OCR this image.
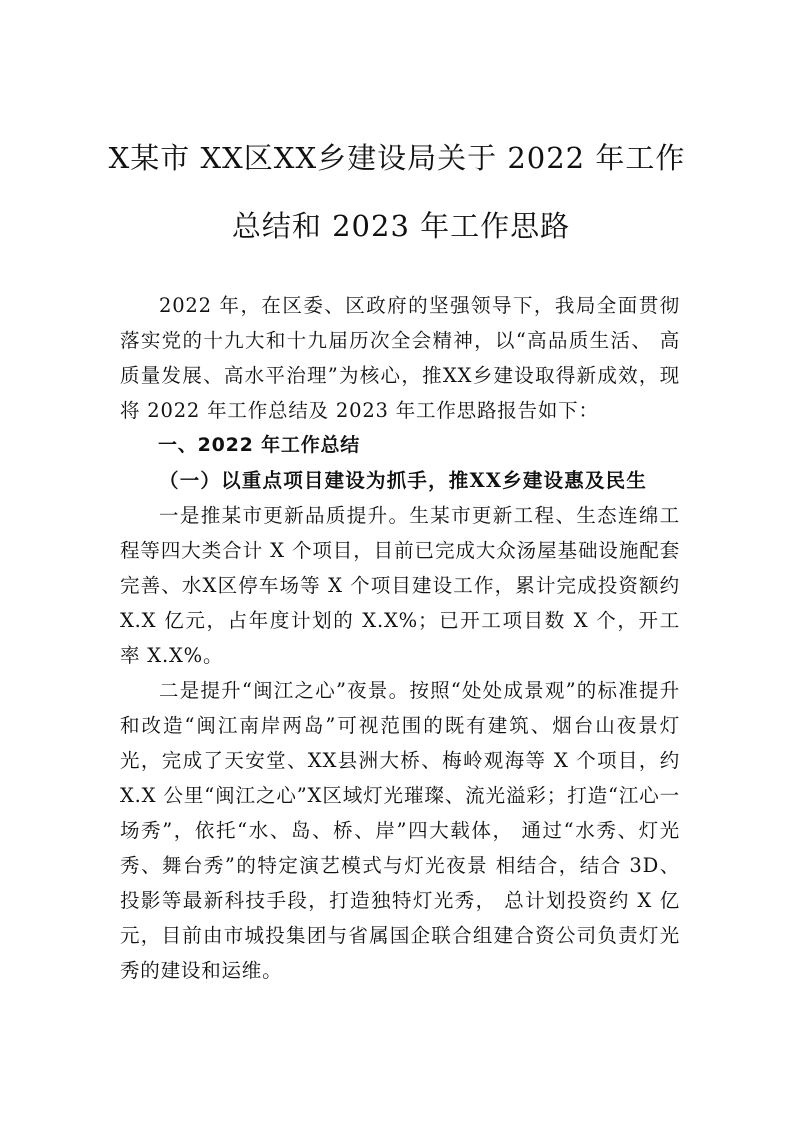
X某市 XX区XX乡建设局关于 2022 年工作
总结和 2023 年工作思路

2022 年，在区委、区政府的坚强领导下，我局全面贯彻落实党的十九大和十九届历次全会精神，以“高品质生活、 高质量发展、高水平治理”为核心，推XX乡建设取得新成效，现将 2022 年工作总结及 2023 年工作思路报告如下：

一、2022 年工作总结

（一）以重点项目建设为抓手，推XX乡建设惠及民生

一是推某市更新品质提升。生某市更新工程、生态连绵工程等四大类合计 X 个项目，目前已完成大众汤屋基础设施配套完善、水X区停车场等 X 个项目建设工作，累计完成投资额约 X.X 亿元，占年度计划的 X.X%；已开工项目数 X 个，开工率 X.X%。

二是提升“闽江之心”夜景。按照“处处成景观”的标准提升和改造“闽江南岸两岛”可视范围的既有建筑、烟台山夜景灯光，完成了天安堂、XX县洲大桥、梅岭观海等 X 个项目，约 X.X 公里“闽江之心”X区域灯光璀璨、流光溢彩；打造“江心一场秀”，依托“水、岛、桥、岸”四大载体， 通过“水秀、灯光秀、舞台秀”的特定演艺模式与灯光夜景 相结合，结合 3D、投影等最新科技手段，打造独特灯光秀， 总计划投资约 X 亿元，目前由市城投集团与省属国企联合组建合资公司负责灯光秀的建设和运维。
